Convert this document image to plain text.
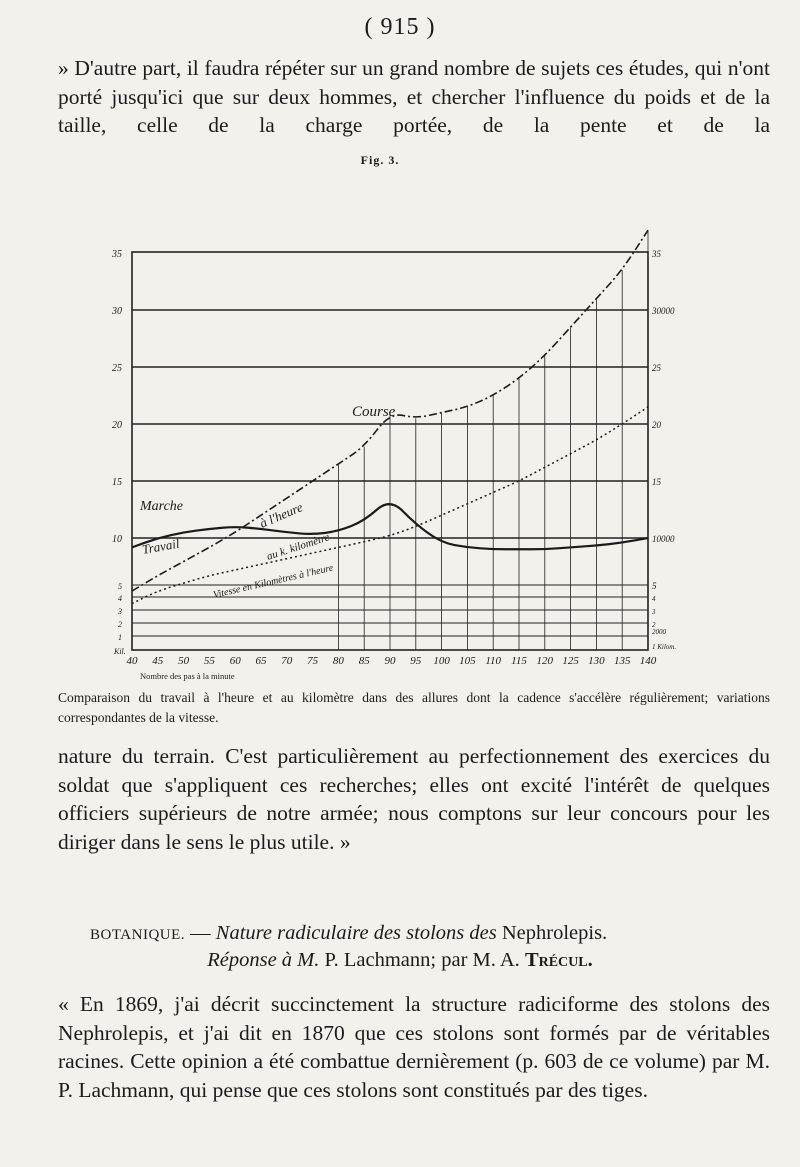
( 915 )
» D'autre part, il faudra répéter sur un grand nombre de sujets ces études, qui n'ont porté jusqu'ici que sur deux hommes, et chercher l'influence du poids et de la taille, celle de la charge portée, de la pente et de la
Fig. 3.
35
30
25
20
15
10
5
4
3
2
1
35
30000
25
20
15
10000
5
4
3
2
2000
1 Kilom.
40 45 50 55 60 65 70 75 80 85 90 95 100 105 110 115 120 125 130 135 140
Kil.
Nombre des pas à la minute
Course
Marche
Travail
à l'heure
au k. kilomètre
Vitesse en Kilomètres à l'heure
Comparaison du travail à l'heure et au kilomètre dans des allures dont la cadence s'accélère régulièrement; variations correspondantes de la vitesse.
nature du terrain. C'est particulièrement au perfectionnement des exercices du soldat que s'appliquent ces recherches; elles ont excité l'intérêt de quelques officiers supérieurs de notre armée; nous comptons sur leur concours pour les diriger dans le sens le plus utile. »
BOTANIQUE. — Nature radiculaire des stolons des Nephrolepis.
Réponse à M. P. Lachmann; par M. A. Trécul.
« En 1869, j'ai décrit succinctement la structure radiciforme des stolons des Nephrolepis, et j'ai dit en 1870 que ces stolons sont formés par de véritables racines. Cette opinion a été combattue dernièrement (p. 603 de ce volume) par M. P. Lachmann, qui pense que ces stolons sont constitués par des tiges.
